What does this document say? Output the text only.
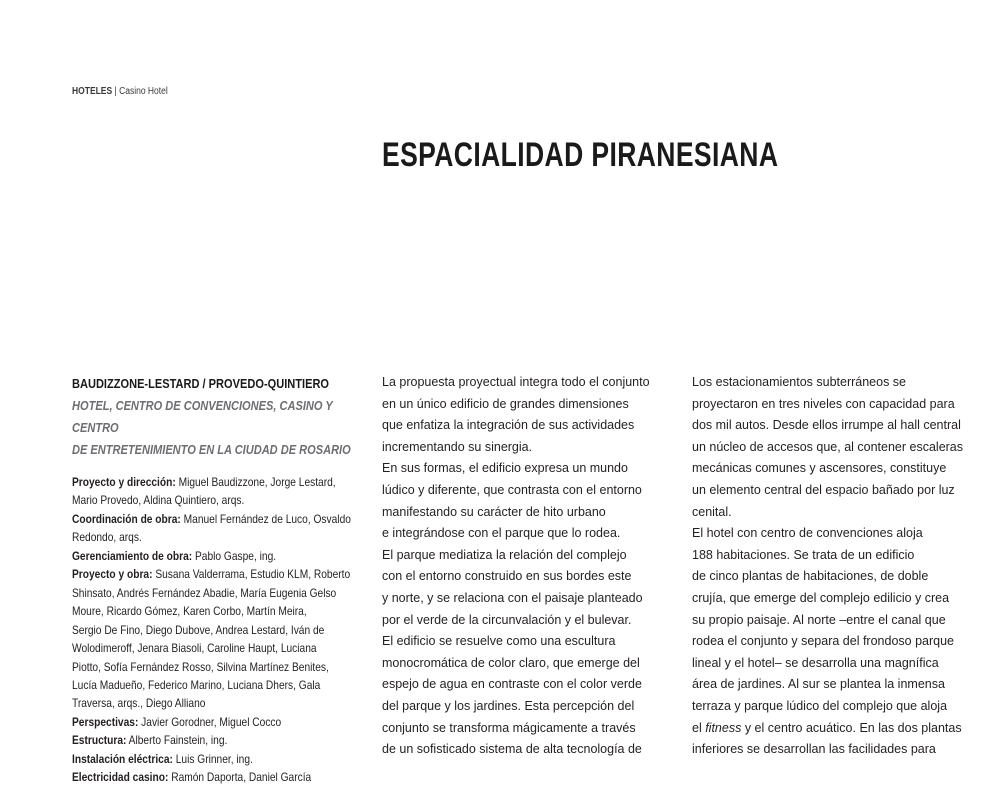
HOTELES | Casino Hotel
ESPACIALIDAD PIRANESIANA

BAUDIZZONE-LESTARD / PROVEDO-QUINTIERO

HOTEL, CENTRO DE CONVENCIONES, CASINO Y CENTRO
DE ENTRETENIMIENTO EN LA CIUDAD DE ROSARIO

Proyecto y dirección: Miguel Baudizzone, Jorge Lestard,
Mario Provedo, Aldina Quintiero, arqs.
Coordinación de obra: Manuel Fernández de Luco, Osvaldo
Redondo, arqs.
Gerenciamiento de obra: Pablo Gaspe, ing.
Proyecto y obra: Susana Valderrama, Estudio KLM, Roberto
Shinsato, Andrés Fernández Abadie, María Eugenia Gelso
Moure, Ricardo Gómez, Karen Corbo, Martín Meira,
Sergio De Fino, Diego Dubove, Andrea Lestard, Iván de
Wolodimeroff, Jenara Biasoli, Caroline Haupt, Luciana
Piotto, Sofía Fernández Rosso, Silvina Martínez Benites,
Lucía Madueño, Federico Marino, Luciana Dhers, Gala
Traversa, arqs., Diego Alliano
Perspectivas: Javier Gorodner, Miguel Cocco
Estructura: Alberto Fainstein, ing.
Instalación eléctrica: Luis Grinner, ing.
Electricidad casino: Ramón Daporta, Daniel García
La propuesta proyectual integra todo el conjunto
en un único edificio de grandes dimensiones
que enfatiza la integración de sus actividades
incrementando su sinergia.
En sus formas, el edificio expresa un mundo
lúdico y diferente, que contrasta con el entorno
manifestando su carácter de hito urbano
e integrándose con el parque que lo rodea.
El parque mediatiza la relación del complejo
con el entorno construido en sus bordes este
y norte, y se relaciona con el paisaje planteado
por el verde de la circunvalación y el bulevar.
El edificio se resuelve como una escultura
monocromática de color claro, que emerge del
espejo de agua en contraste con el color verde
del parque y los jardines. Esta percepción del
conjunto se transforma mágicamente a través
de un sofisticado sistema de alta tecnología de
Los estacionamientos subterráneos se
proyectaron en tres niveles con capacidad para
dos mil autos. Desde ellos irrumpe al hall central
un núcleo de accesos que, al contener escaleras
mecánicas comunes y ascensores, constituye
un elemento central del espacio bañado por luz
cenital.
El hotel con centro de convenciones aloja
188 habitaciones. Se trata de un edificio
de cinco plantas de habitaciones, de doble
crujía, que emerge del complejo edilicio y crea
su propio paisaje. Al norte –entre el canal que
rodea el conjunto y separa del frondoso parque
lineal y el hotel– se desarrolla una magnífica
área de jardines. Al sur se plantea la inmensa
terraza y parque lúdico del complejo que aloja
el fitness y el centro acuático. En las dos plantas
inferiores se desarrollan las facilidades para
